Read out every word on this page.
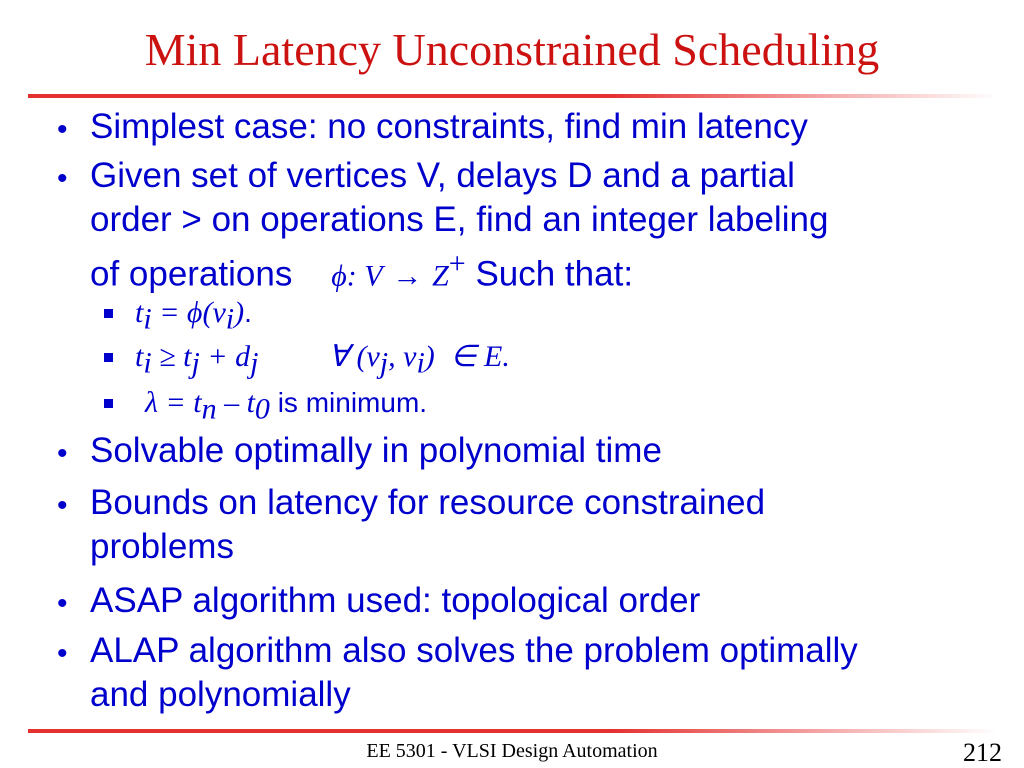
Min Latency Unconstrained Scheduling
• Simplest case: no constraints, find min latency
• Given set of vertices V, delays D and a partial
order > on operations E, find an integer labeling
of operations ϕ: V → Z+ Such that:
$t_i = \phi(v_i)$.
$t_i \ge t_j + d_j$ ∀ ($v_j$, $v_i$) ∈ E.
$\lambda = t_n - t_0$ is minimum.
• Solvable optimally in polynomial time
• Bounds on latency for resource constrained
problems
• ASAP algorithm used: topological order
• ALAP algorithm also solves the problem optimally
and polynomially
EE 5301 - VLSI Design Automation	212
